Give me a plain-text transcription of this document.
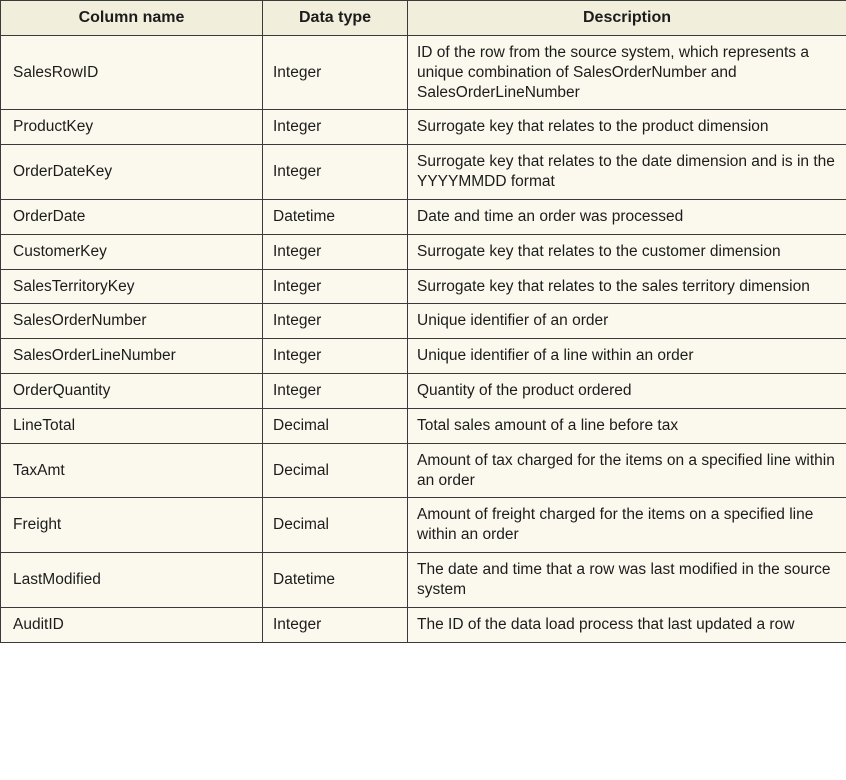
Column name	Data type	Description
SalesRowID	Integer	ID of the row from the source system, which represents a unique combination of SalesOrderNumber and SalesOrderLineNumber
ProductKey	Integer	Surrogate key that relates to the product dimension
OrderDateKey	Integer	Surrogate key that relates to the date dimension and is in the YYYYMMDD format
OrderDate	Datetime	Date and time an order was processed
CustomerKey	Integer	Surrogate key that relates to the customer dimension
SalesTerritoryKey	Integer	Surrogate key that relates to the sales territory dimension
SalesOrderNumber	Integer	Unique identifier of an order
SalesOrderLineNumber	Integer	Unique identifier of a line within an order
OrderQuantity	Integer	Quantity of the product ordered
LineTotal	Decimal	Total sales amount of a line before tax
TaxAmt	Decimal	Amount of tax charged for the items on a specified line within an order
Freight	Decimal	Amount of freight charged for the items on a specified line within an order
LastModified	Datetime	The date and time that a row was last modified in the source system
AuditID	Integer	The ID of the data load process that last updated a row
